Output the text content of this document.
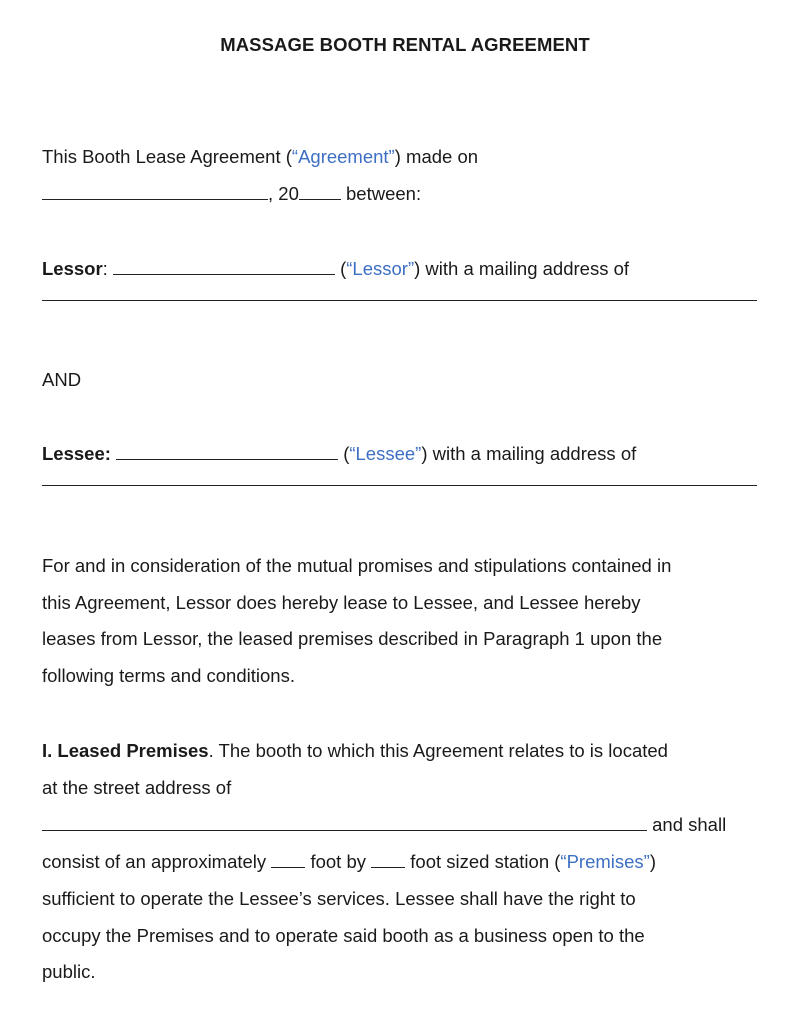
MASSAGE BOOTH RENTAL AGREEMENT
This Booth Lease Agreement (“Agreement”) made on
, 20	between:
Lessor:	(“Lessor”) with a mailing address of
AND
Lessee:	(“Lessee”) with a mailing address of
For and in consideration of the mutual promises and stipulations contained in
this Agreement, Lessor does hereby lease to Lessee, and Lessee hereby
leases from Lessor, the leased premises described in Paragraph 1 upon the
following terms and conditions.
I. Leased Premises. The booth to which this Agreement relates to is located
at the street address of
and shall
consist of an approximately foot by foot sized station (“Premises”)
sufficient to operate the Lessee’s services. Lessee shall have the right to
occupy the Premises and to operate said booth as a business open to the
public.
